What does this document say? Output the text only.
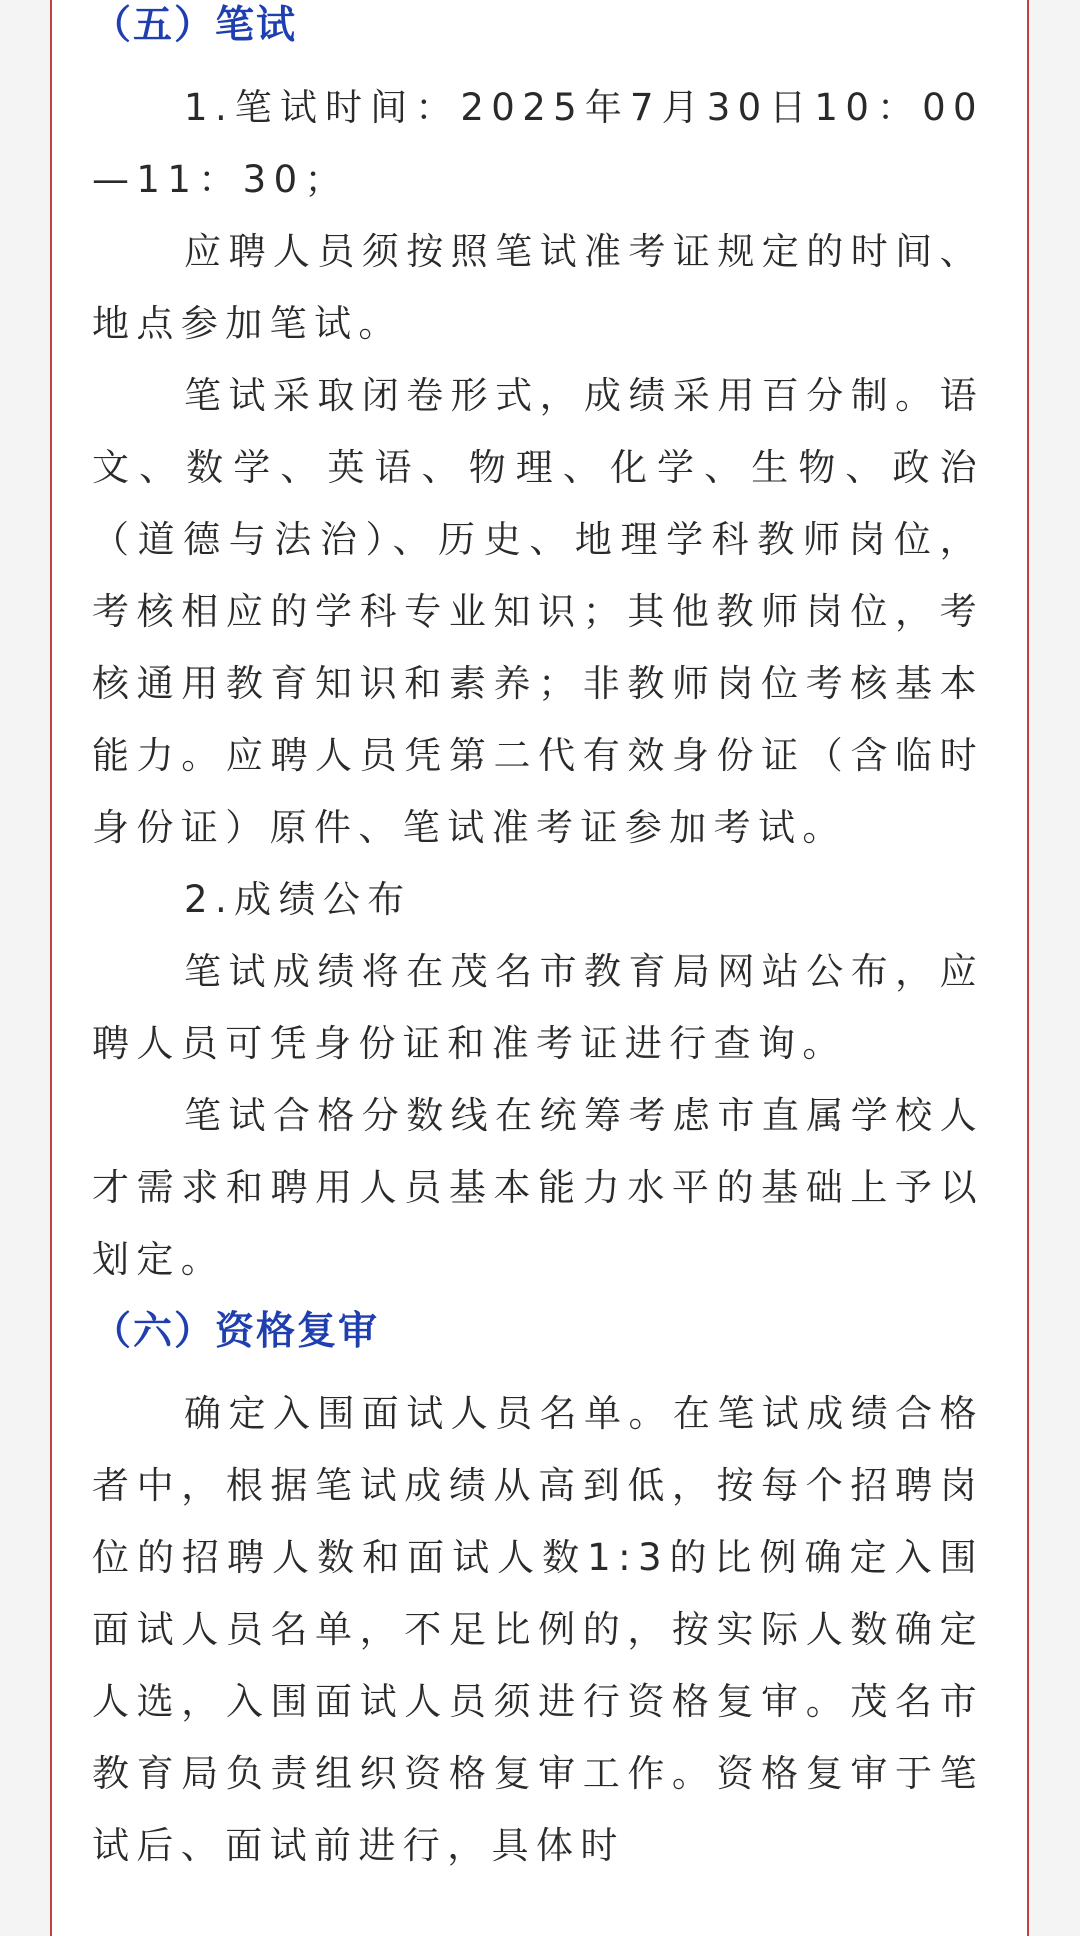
（五）笔试

1.笔试时间：2025年7月30日10：00—11：30；

应聘人员须按照笔试准考证规定的时间、地点参加笔试。

笔试采取闭卷形式，成绩采用百分制。语文、数学、英语、物理、化学、生物、政治（道德与法治）、历史、地理学科教师岗位，考核相应的学科专业知识；其他教师岗位，考核通用教育知识和素养；非教师岗位考核基本能力。应聘人员凭第二代有效身份证（含临时身份证）原件、笔试准考证参加考试。

2.成绩公布

笔试成绩将在茂名市教育局网站公布，应聘人员可凭身份证和准考证进行查询。

笔试合格分数线在统筹考虑市直属学校人才需求和聘用人员基本能力水平的基础上予以划定。

（六）资格复审

确定入围面试人员名单。在笔试成绩合格者中，根据笔试成绩从高到低，按每个招聘岗位的招聘人数和面试人数1:3的比例确定入围面试人员名单，不足比例的，按实际人数确定人选，入围面试人员须进行资格复审。茂名市教育局负责组织资格复审工作。资格复审于笔试后、面试前进行，具体时
